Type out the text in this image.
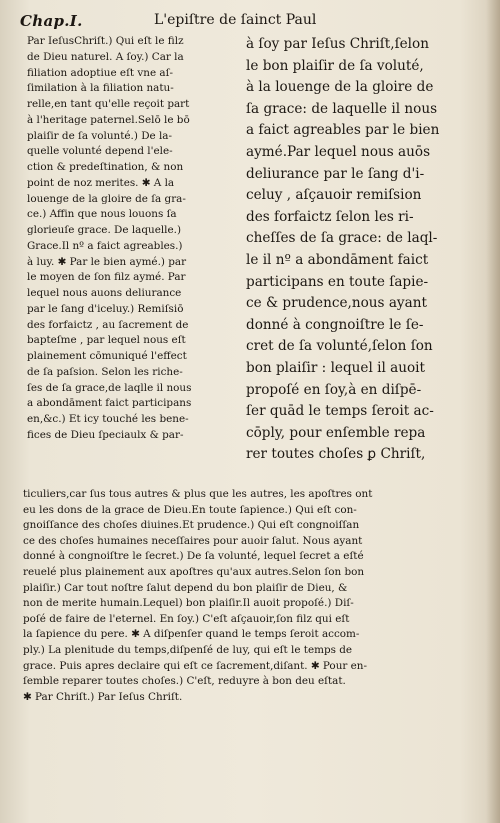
Chap.I.	L'epiſtre de ſainct Paul
Par IeſusChriſt.) Qui eſt le filz
de Dieu naturel. A ſoy.) Car la
filiation adoptiue eſt vne aſ-
ſimilation à la filiation natu-
relle,en tant qu'elle reçoit part
à l'heritage paternel.Selō le bō
plaiſir de ſa volunté.) De la-
quelle volunté depend l'ele-
ction & predeſtination, & non
point de noz merites. ✱ A la
louenge de la gloire de ſa gra-
ce.) Affin que nous louons ſa
glorieuſe grace. De laquelle.)
Grace.Il nº a faict agreables.)
à luy. ✱ Par le bien aymé.) par
le moyen de ſon filz aymé. Par
lequel nous auons deliurance
par le ſang d'iceluy.) Remiſsiō
des forfaictz , au ſacrement de
bapteſme , par lequel nous eſt
plainement cōmuniqué l'effect
de ſa paſsion. Selon les riche-
ſes de ſa grace,de laqlle il nous
a abondāment faict participans
en,&c.) Et icy touché les bene-
fices de Dieu ſpeciaulx & par-
à ſoy par Ieſus Chriſt,ſelon
le bon plaiſir de ſa voluté,
à la louenge de la gloire de
ſa grace: de laquelle il nous
a faict agreables par le bien
aymé.Par lequel nous auōs
deliurance par le ſang d'i-
celuy , aſçauoir remiſsion
des forfaictz ſelon les ri-
cheſſes de ſa grace: de laql-
le il nº a abondāment faict
participans en toute ſapie-
ce & prudence,nous ayant
donné à congnoiſtre le ſe-
cret de ſa volunté,ſelon ſon
bon plaiſir : lequel il auoit
propoſé en ſoy,à en diſpē-
ſer quād le temps ſeroit ac-
cōply, pour enſemble repa
rer toutes choſes ꝑ Chriſt,
ticuliers,car ſus tous autres & plus que les autres, les apoſtres ont
eu les dons de la grace de Dieu.En toute ſapience.) Qui eſt con-
gnoiſſance des choſes diuines.Et prudence.) Qui eſt congnoiſſan
ce des choſes humaines neceſſaires pour auoir ſalut. Nous ayant
donné à congnoiſtre le ſecret.) De ſa volunté, lequel ſecret a eſté
reuelé plus plainement aux apoſtres qu'aux autres.Selon ſon bon
plaiſir.) Car tout noſtre ſalut depend du bon plaiſir de Dieu, &
non de merite humain.Lequel) bon plaiſir.Il auoit propoſé.) Diſ-
poſé de faire de l'eternel. En ſoy.) C'eſt aſçauoir,ſon filz qui eſt
la ſapience du pere. ✱ A diſpenſer quand le temps ſeroit accom-
ply.) La plenitude du temps,diſpenſé de luy, qui eſt le temps de
grace. Puis apres declaire qui eſt ce ſacrement,diſant. ✱ Pour en-
ſemble reparer toutes choſes.) C'eſt, reduyre à bon deu eſtat.
✱ Par Chriſt.) Par Ieſus Chriſt.
